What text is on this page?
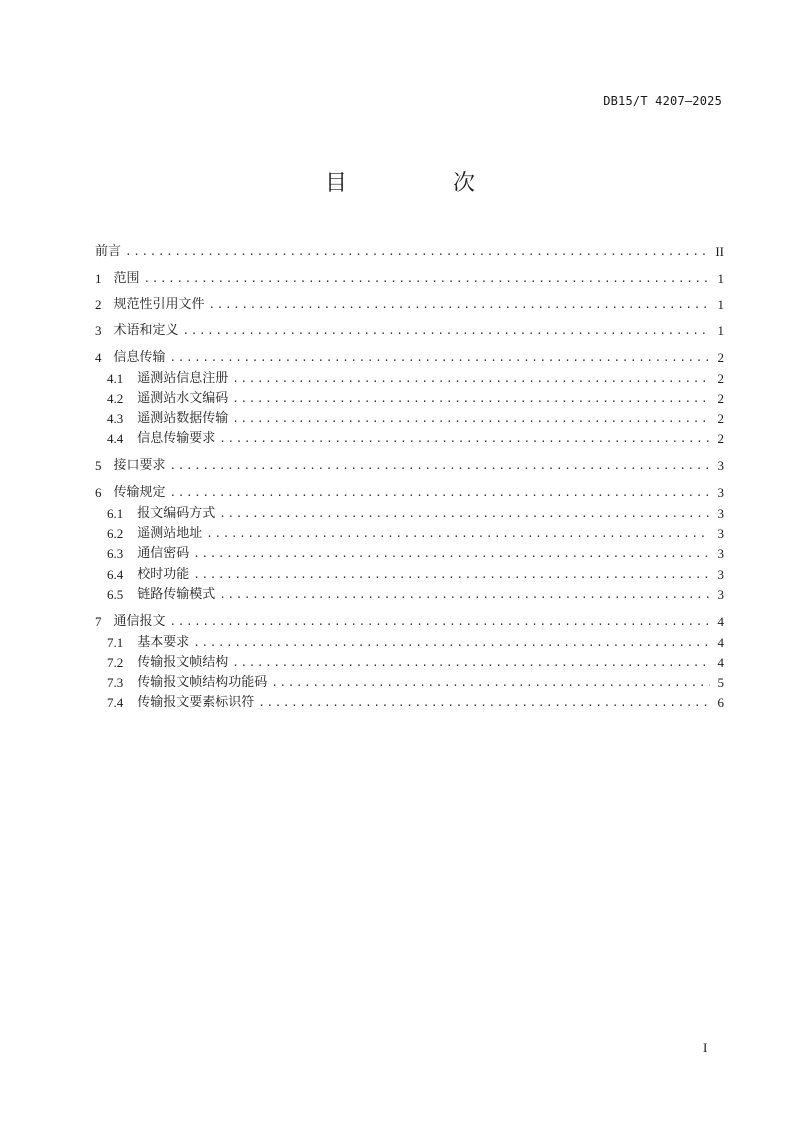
DB15/T 4207—2025
目　次
前言 .....	II
1 范围 .....	1
2 规范性引用文件 .....	1
3 术语和定义 .....	1
4 信息传输 .....	2
4.1 遥测站信息注册 .....	2
4.2 遥测站水文编码 .....	2
4.3 遥测站数据传输 .....	2
4.4 信息传输要求 .....	2
5 接口要求 .....	3
6 传输规定 .....	3
6.1 报文编码方式 .....	3
6.2 遥测站地址 .....	3
6.3 通信密码 .....	3
6.4 校时功能 .....	3
6.5 链路传输模式 .....	3
7 通信报文 .....	4
7.1 基本要求 .....	4
7.2 传输报文帧结构 .....	4
7.3 传输报文帧结构功能码 .....	5
7.4 传输报文要素标识符 .....	6
I
